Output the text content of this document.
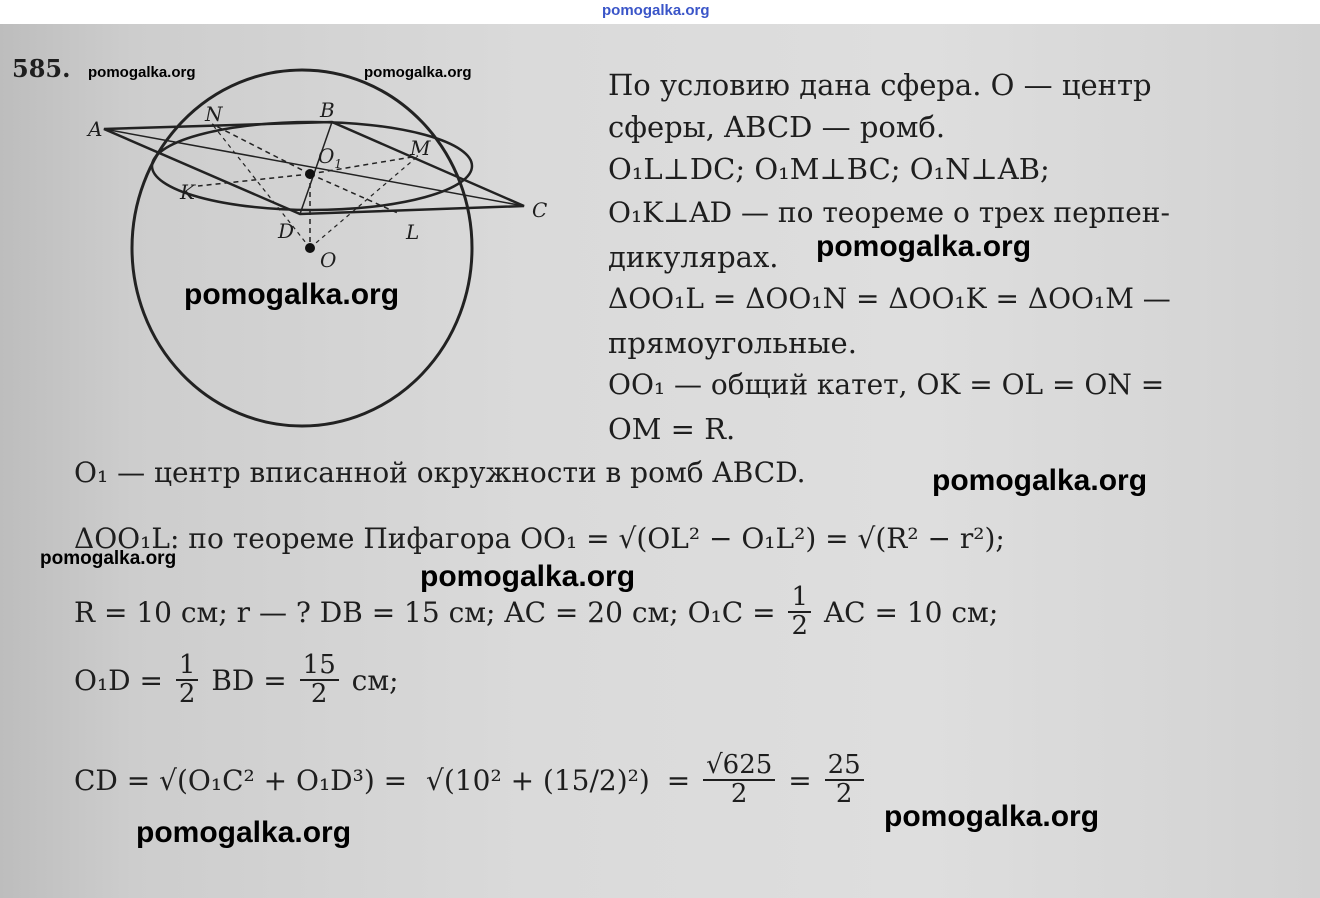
pomogalka.org
585.
A
N	B
M
$O_1$
K
C
D	L
O
По условию дана сфера. O — центр
сферы, ABCD — ромб.
O₁L⊥DC; O₁M⊥BC; O₁N⊥AB;
O₁K⊥AD — по теореме о трех перпен-
дикулярах.
ΔOO₁L = ΔOO₁N = ΔOO₁K = ΔOO₁M —
прямоугольные.
OO₁ — общий катет, OK = OL = ON =
OM = R.
O₁ — центр вписанной окружности в ромб ABCD.
ΔOO₁L: по теореме Пифагора OO₁ = √(OL² − O₁L²) = √(R² − r²);
R = 10 см; r — ? DB = 15 см; AC = 20 см; $O_1C = \frac{1}{2}$ AC = 10 см;
$O_1D = \frac{1}{2}$ BD = $\frac{15}{2}$ см;
CD = $√(O_1C^2 + O_1D^3) = √(10^2 + (15/2)^2) = \frac{√625}{2} = \frac{25}{2}$
pomogalka.org	pomogalka.org
pomogalka.org
pomogalka.org
pomogalka.org
pomogalka.org
pomogalka.org
pomogalka.org
pomogalka.org
